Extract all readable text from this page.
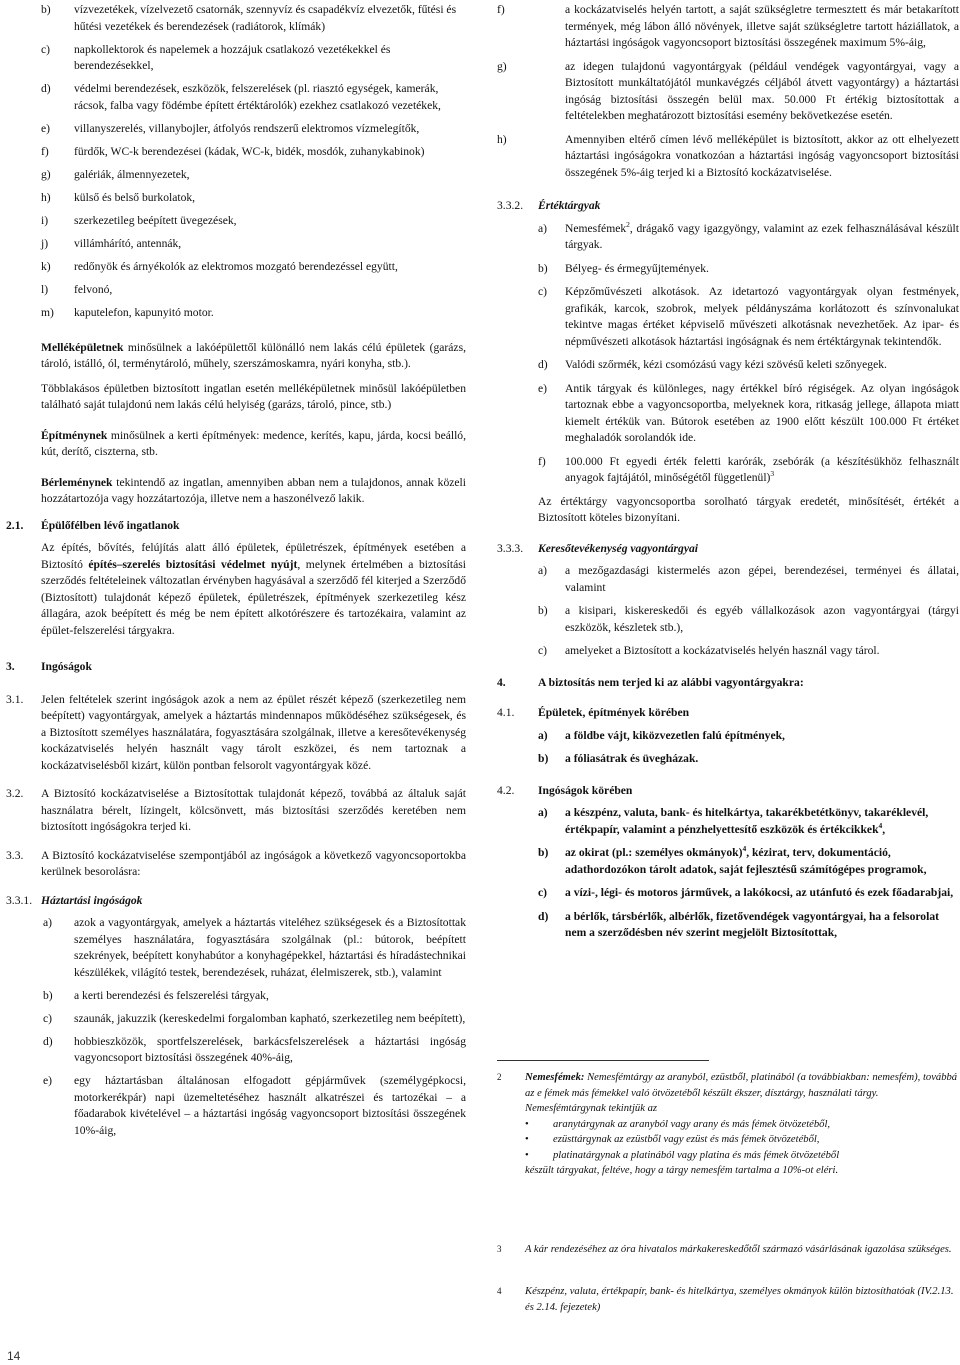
b) vízvezetékek, vízelvezető csatornák, szennyvíz és csapadékvíz elvezetők, fűtési és hűtési vezetékek és berendezések (radiátorok, klímák)
c) napkollektorok és napelemek a hozzájuk csatlakozó vezetékekkel és berendezésekkel,
d) védelmi berendezések, eszközök, felszerelések (pl. riasztó egységek, kamerák, rácsok, falba vagy födémbe épített értéktárolók) ezekhez csatlakozó vezetékek,
e) villanyszerelés, villanybojler, átfolyós rendszerű elektromos vízmelegítők,
f) fürdők, WC-k berendezései (kádak, WC-k, bidék, mosdók, zuhanykabinok)
g) galériák, álmennyezetek,
h) külső és belső burkolatok,
i) szerkezetileg beépített üvegezések,
j) villámhárító, antennák,
k) redőnyök és árnyékolók az elektromos mozgató berendezéssel együtt,
l) felvonó,
m) kaputelefon, kapunyitó motor.
Melléképületnek minősülnek a lakóépülettől különálló nem lakás célú épületek (garázs, tároló, istálló, ól, terménytároló, műhely, szerszámoskamra, nyári konyha, stb.).
Többlakásos épületben biztosított ingatlan esetén melléképületnek minősül lakóépületben található saját tulajdonú nem lakás célú helyiség (garázs, tároló, pince, stb.)
Építménynek minősülnek a kerti építmények: medence, kerítés, kapu, járda, kocsi beálló, kút, derítő, ciszterna, stb.
Bérleménynek tekintendő az ingatlan, amennyiben abban nem a tulajdonos, annak közeli hozzátartozója vagy hozzátartozója, illetve nem a haszonélvező lakik.
2.1. Épülőfélben lévő ingatlanok
Az építés, bővítés, felújítás alatt álló épületek, épületrészek, építmények esetében a Biztosító építés–szerelés biztosítási védelmet nyújt, melynek értelmében a biztosítási szerződés feltételeinek változatlan érvényben hagyásával a szerződő fél kiterjed a Szerződő (Biztosított) tulajdonát képező épületek, épületrészek, építmények szerkezetileg kész állagára, azok beépített és még be nem épített alkotórészere és tartozékaira, valamint az épület-felszerelési tárgyakra.
3. Ingóságok
3.1. Jelen feltételek szerint ingóságok azok a nem az épület részét képező (szerkezetileg nem beépített) vagyontárgyak, amelyek a háztartás mindennapos működéséhez szükségesek, és a Biztosított személyes használatára, fogyasztására szolgálnak, illetve a keresőtevékenység kockázatviselés helyén használt vagy tárolt eszközei, és nem tartoznak a kockázatviselésből kizárt, külön pontban felsorolt vagyontárgyak közé.
3.2. A Biztosító kockázatviselése a Biztosítottak tulajdonát képező, továbbá az általuk saját használatra bérelt, lízingelt, kölcsönvett, más biztosítási szerződés keretében nem biztosított ingóságokra terjed ki.
3.3. A Biztosító kockázatviselése szempontjából az ingóságok a következő vagyoncsoportokba kerülnek besorolásra:
3.3.1. Háztartási ingóságok
a) azok a vagyontárgyak, amelyek a háztartás viteléhez szükségesek és a Biztosítottak személyes használatára, fogyasztására szolgálnak (pl.: bútorok, beépített szekrények, beépített konyhabútor a konyhagépekkel, háztartási és híradástechnikai készülékek, világító testek, berendezések, ruházat, élelmiszerek, stb.), valamint
b) a kerti berendezési és felszerelési tárgyak,
c) szaunák, jakuzzik (kereskedelmi forgalomban kapható, szerkezetileg nem beépített),
d) hobbieszközök, sportfelszerelések, barkácsfelszerelések a háztartási ingóság vagyoncsoport biztosítási összegének 40%-áig,
e) egy háztartásban általánosan elfogadott gépjárművek (személygépkocsi, motorkerékpár) napi üzemeltetéséhez használt alkatrészei és tartozékai – a főadarabok kivételével – a háztartási ingóság vagyoncsoport biztosítási összegének 10%-áig,
f)	a kockázatviselés helyén tartott, a saját szükségletre termesztett és már betakarított termények, még lábon álló növények, illetve saját szükségletre tartott háziállatok, a háztartási ingóságok vagyoncsoport biztosítási összegének maximum 5%-áig,
g)	az idegen tulajdonú vagyontárgyak (például vendégek vagyontárgyai, vagy a Biztosított munkáltatójától munkavégzés céljából átvett vagyontárgy) a háztartási ingóság biztosítási összegén belül max. 50.000 Ft értékig biztosítottak a feltételekben meghatározott biztosítási esemény bekövetkezése esetén.
h)	Amennyiben eltérő címen lévő melléképület is biztosított, akkor az ott elhelyezett háztartási ingóságokra vonatkozóan a háztartási ingóság vagyoncsoport biztosítási összegének 5%-áig terjed ki a Biztosító kockázatviselése.
3.3.2. Értéktárgyak
a) Nemesfémek$^2$, drágakő vagy igazgyöngy, valamint az ezek felhasználásával készült tárgyak.
b) Bélyeg- és érmegyűjtemények.
c) Képzőművészeti alkotások. Az idetartozó vagyontárgyak olyan festmények, grafikák, karcok, szobrok, melyek példányszáma korlátozott és színvonalukat tekintve magas értéket képviselő művészeti alkotásnak nevezhetőek. Az ipar- és népművészeti alkotások háztartási ingóságnak és nem értéktárgynak tekintendők.
d) Valódi szőrmék, kézi csomózású vagy kézi szövésű keleti szőnyegek.
e) Antik tárgyak és különleges, nagy értékkel bíró régiségek. Az olyan ingóságok tartoznak ebbe a vagyoncsoportba, melyeknek kora, ritkaság jellege, állapota miatt kiemelt értékük van. Bútorok esetében az 1900 előtt készült 100.000 Ft értéket meghaladók sorolandók ide.
f) 100.000 Ft egyedi érték feletti karórák, zsebórák (a készítésükhöz felhasznált anyagok fajtájától, minőségétől függetlenül)$^3$
Az értéktárgy vagyoncsoportba sorolható tárgyak eredetét, minősítését, értékét a Biztosított köteles bizonyítani.
3.3.3. Keresőtevékenység vagyontárgyai
a) a mezőgazdasági kistermelés azon gépei, berendezései, terményei és állatai, valamint
b) a kisipari, kiskereskedői és egyéb vállalkozások azon vagyontárgyai (tárgyi eszközök, készletek stb.),
c) amelyeket a Biztosított a kockázatviselés helyén használ vagy tárol.
4.	A biztosítás nem terjed ki az alábbi vagyontárgyakra:
4.1. Épületek, építmények körében
a) a földbe vájt, kiközvezetlen falú építmények,
b) a fóliasátrak és üvegházak.
4.2. Ingóságok körében
a) a készpénz, valuta, bank- és hitelkártya, takarékbetétkönyv, takaréklevél, értékpapír, valamint a pénzhelyettesítő eszközök és értékcikkek$^4$,
b) az okirat (pl.: személyes okmányok)$^4$, kézirat, terv, dokumentáció, adathordozókon tárolt adatok, saját fejlesztésű számítógépes programok,
c) a vízi-, légi- és motoros járművek, a lakókocsi, az utánfutó és ezek főadarabjai,
d) a bérlők, társbérlők, albérlők, fizetővendégek vagyontárgyai, ha a felsorolat nem a szerződésben név szerint megjelölt Biztosítottak,
2 Nemesfémek: Nemesfémtárgy az aranyból, ezüstből, platinából (a továbbiakban: nemesfém), továbbá az e fémek más fémekkel való ötvözetéből készült ékszer, dísztárgy, használati tárgy.
Nemesfémtárgynak tekintjük az
• aranytárgynak az aranyból vagy arany és más fémek ötvözetéből,
• ezüsttárgynak az ezüstből vagy ezüst és más fémek ötvözetéből,
• platinatárgynak a platinából vagy platina és más fémek ötvözetéből
készült tárgyakat, feltéve, hogy a tárgy nemesfém tartalma a 10%-ot eléri.
3 A kár rendezéséhez az óra hivatalos márkakereskedőtől származó vásárlásának igazolása szükséges.
4 Készpénz, valuta, értékpapír, bank- és hitelkártya, személyes okmányok külön biztosíthatóak (IV.2.13. és 2.14. fejezetek)
14
